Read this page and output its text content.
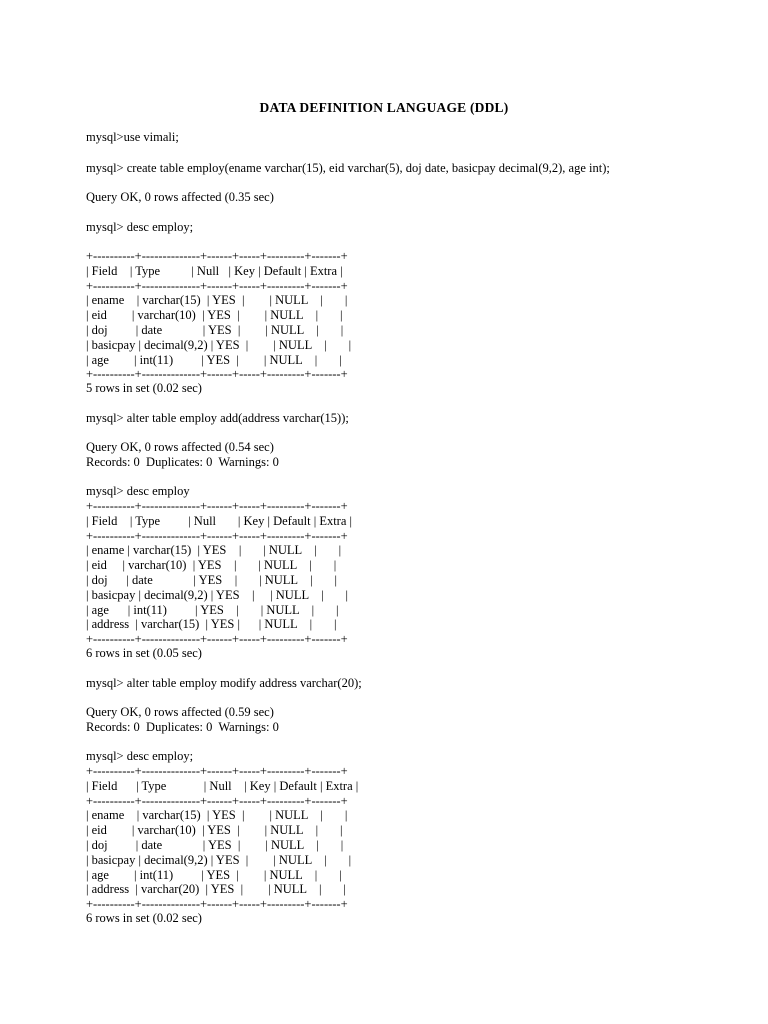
DATA DEFINITION LANGUAGE (DDL)
mysql>use vimali;
mysql> create table employ(ename varchar(15), eid varchar(5), doj date, basicpay decimal(9,2), age int);
Query OK, 0 rows affected (0.35 sec)
mysql> desc employ;
+----------+--------------+------+-----+---------+-------+
| Field    | Type          | Null   | Key | Default | Extra |
+----------+--------------+------+-----+---------+-------+
| ename    | varchar(15)  | YES  |        | NULL    |       |
| eid        | varchar(10)  | YES  |        | NULL    |       |
| doj         | date             | YES  |        | NULL    |       |
| basicpay | decimal(9,2) | YES  |        | NULL    |       |
| age        | int(11)         | YES  |        | NULL    |       |
+----------+--------------+------+-----+---------+-------+
5 rows in set (0.02 sec)
mysql> alter table employ add(address varchar(15));
Query OK, 0 rows affected (0.54 sec)
Records: 0  Duplicates: 0  Warnings: 0
mysql> desc employ
+----------+--------------+------+-----+---------+-------+
| Field    | Type         | Null       | Key | Default | Extra |
+----------+--------------+------+-----+---------+-------+
| ename | varchar(15)  | YES    |       | NULL    |       |
| eid     | varchar(10)  | YES    |       | NULL    |       |
| doj      | date             | YES    |       | NULL    |       |
| basicpay | decimal(9,2) | YES    |     | NULL    |       |
| age      | int(11)         | YES    |       | NULL    |       |
| address  | varchar(15)  | YES |      | NULL    |       |
+----------+--------------+------+-----+---------+-------+
6 rows in set (0.05 sec)
mysql> alter table employ modify address varchar(20);
Query OK, 0 rows affected (0.59 sec)
Records: 0  Duplicates: 0  Warnings: 0
mysql> desc employ;
+----------+--------------+------+-----+---------+-------+
| Field      | Type            | Null    | Key | Default | Extra |
+----------+--------------+------+-----+---------+-------+
| ename    | varchar(15)  | YES  |        | NULL    |       |
| eid        | varchar(10)  | YES  |        | NULL    |       |
| doj         | date             | YES  |        | NULL    |       |
| basicpay | decimal(9,2) | YES  |        | NULL    |       |
| age        | int(11)         | YES  |        | NULL    |       |
| address  | varchar(20)  | YES  |        | NULL    |       |
+----------+--------------+------+-----+---------+-------+
6 rows in set (0.02 sec)
